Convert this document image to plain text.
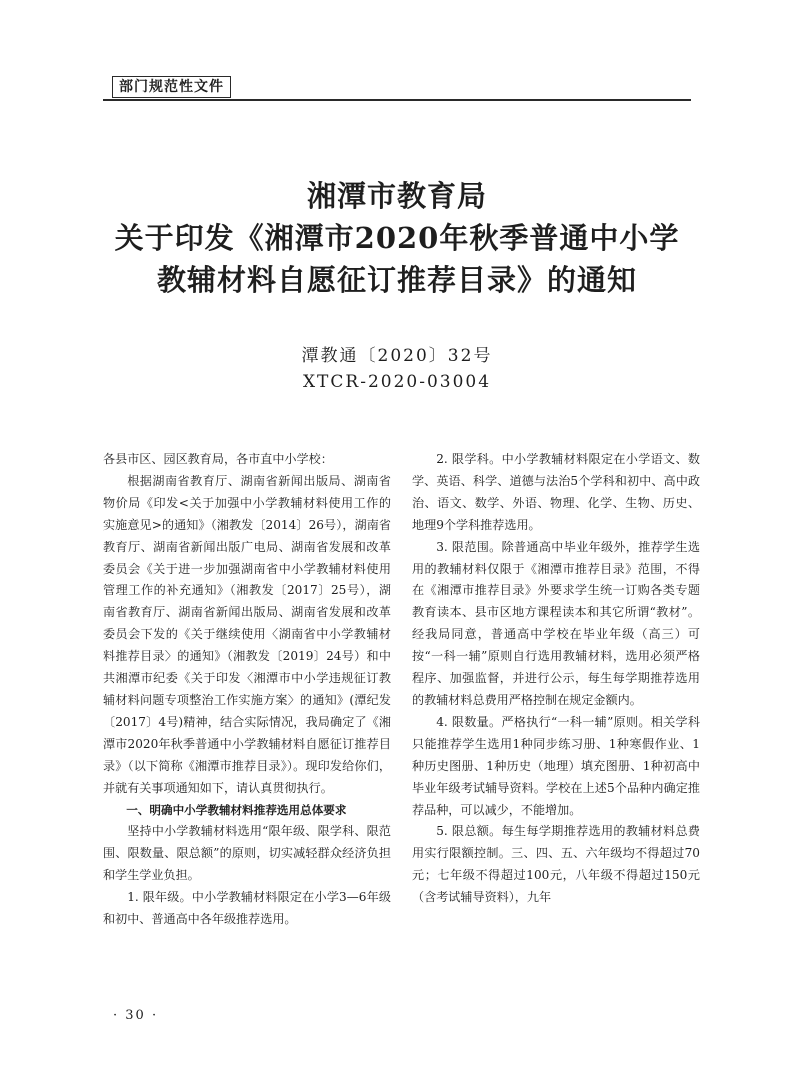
部门规范性文件
湘潭市教育局
关于印发《湘潭市2020年秋季普通中小学
教辅材料自愿征订推荐目录》的通知
潭教通〔2020〕32号
XTCR-2020-03004

各县市区、园区教育局，各市直中小学校：

根据湖南省教育厅、湖南省新闻出版局、湖南省物价局《印发<关于加强中小学教辅材料使用工作的实施意见>的通知》（湘教发〔2014〕26号），湖南省教育厅、湖南省新闻出版广电局、湖南省发展和改革委员会《关于进一步加强湖南省中小学教辅材料使用管理工作的补充通知》（湘教发〔2017〕25号），湖南省教育厅、湖南省新闻出版局、湖南省发展和改革委员会下发的《关于继续使用〈湖南省中小学教辅材料推荐目录〉的通知》（湘教发〔2019〕24号）和中共湘潭市纪委《关于印发〈湘潭市中小学违规征订教辅材料问题专项整治工作实施方案〉的通知》(潭纪发〔2017〕4号)精神，结合实际情况，我局确定了《湘潭市2020年秋季普通中小学教辅材料自愿征订推荐目录》（以下简称《湘潭市推荐目录》）。现印发给你们，并就有关事项通知如下，请认真贯彻执行。

一、明确中小学教辅材料推荐选用总体要求

坚持中小学教辅材料选用“限年级、限学科、限范围、限数量、限总额”的原则，切实减轻群众经济负担和学生学业负担。

1. 限年级。中小学教辅材料限定在小学3—6年级和初中、普通高中各年级推荐选用。

2. 限学科。中小学教辅材料限定在小学语文、数学、英语、科学、道德与法治5个学科和初中、高中政治、语文、数学、外语、物理、化学、生物、历史、地理9个学科推荐选用。

3. 限范围。除普通高中毕业年级外，推荐学生选用的教辅材料仅限于《湘潭市推荐目录》范围，不得在《湘潭市推荐目录》外要求学生统一订购各类专题教育读本、县市区地方课程读本和其它所谓“教材”。经我局同意，普通高中学校在毕业年级（高三）可按“一科一辅”原则自行选用教辅材料，选用必须严格程序、加强监督，并进行公示，每生每学期推荐选用的教辅材料总费用严格控制在规定金额内。

4. 限数量。严格执行“一科一辅”原则。相关学科只能推荐学生选用1种同步练习册、1种寒假作业、1种历史图册、1种历史（地理）填充图册、1种初高中毕业年级考试辅导资料。学校在上述5个品种内确定推荐品种，可以减少，不能增加。

5. 限总额。每生每学期推荐选用的教辅材料总费用实行限额控制。三、四、五、六年级均不得超过70元；七年级不得超过100元，八年级不得超过150元（含考试辅导资料），九年

· 30 ·
